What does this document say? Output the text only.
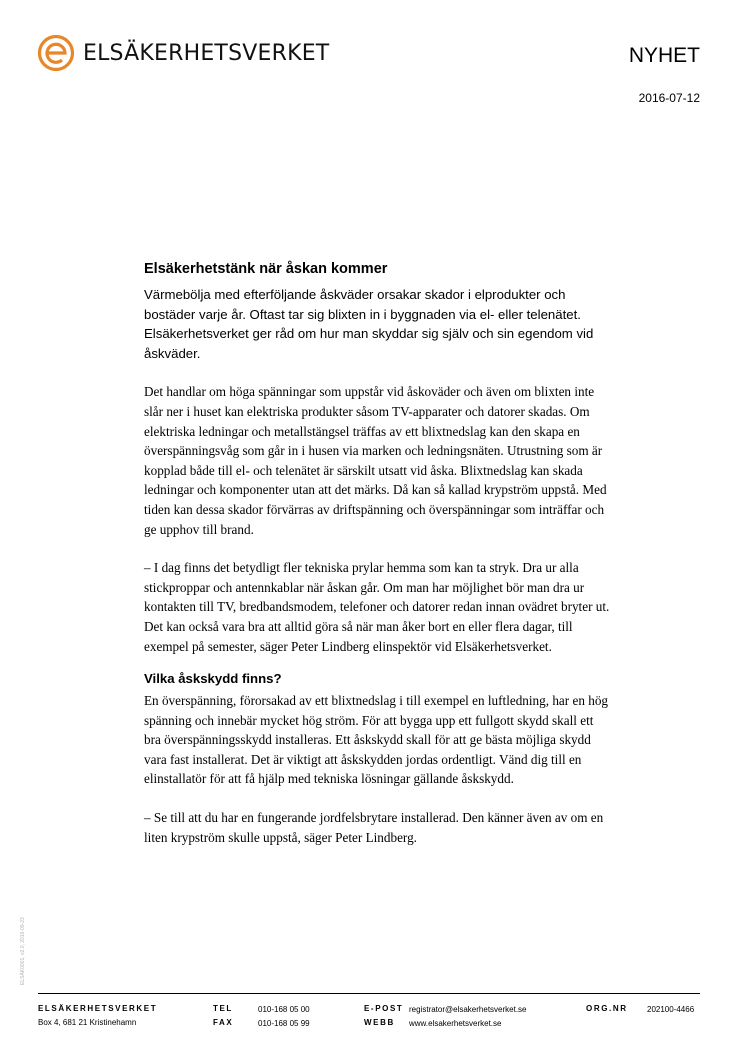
ELSÄKERHETSVERKET	NYHET
2016-07-12
Elsäkerhetstänk när åskan kommer

Värmebölja med efterföljande åskväder orsakar skador i elprodukter och bostäder varje år. Oftast tar sig blixten in i byggnaden via el- eller telenätet. Elsäkerhetsverket ger råd om hur man skyddar sig själv och sin egendom vid åskväder.

Det handlar om höga spänningar som uppstår vid åskoväder och även om blixten inte slår ner i huset kan elektriska produkter såsom TV-apparater och datorer skadas. Om elektriska ledningar och metallstängsel träffas av ett blixtnedslag kan den skapa en överspänningsvåg som går in i husen via marken och ledningsnäten. Utrustning som är kopplad både till el- och telenätet är särskilt utsatt vid åska. Blixtnedslag kan skada ledningar och komponenter utan att det märks. Då kan så kallad krypström uppstå. Med tiden kan dessa skador förvärras av driftspänning och överspänningar som inträffar och ge upphov till brand.

– I dag finns det betydligt fler tekniska prylar hemma som kan ta stryk. Dra ur alla stickproppar och antennkablar när åskan går. Om man har möjlighet bör man dra ur kontakten till TV, bredbandsmodem, telefoner och datorer redan innan ovädret bryter ut. Det kan också vara bra att alltid göra så när man åker bort en eller flera dagar, till exempel på semester, säger Peter Lindberg elinspektör vid Elsäkerhetsverket.

Vilka åskskydd finns?

En överspänning, förorsakad av ett blixtnedslag i till exempel en luftledning, har en hög spänning och innebär mycket hög ström. För att bygga upp ett fullgott skydd skall ett bra överspänningsskydd installeras. Ett åskskydd skall för att ge bästa möjliga skydd vara fast installerat. Det är viktigt att åskskydden jordas ordentligt. Vänd dig till en elinstallatör för att få hjälp med tekniska lösningar gällande åskskydd.

– Se till att du har en fungerande jordfelsbrytare installerad. Den känner även av om en liten krypström skulle uppstå, säger Peter Lindberg.

ELSÄK0001, v2.0, 2016-09-23
ELSÄKERHETSVERKET
Box 4, 681 21 Kristinehamn
TEL	010-168 05 00
FAX	010-168 05 99
E-POST registrator@elsakerhetsverket.se
WEBB www.elsakerhetsverket.se
ORG.NR 202100-4466
